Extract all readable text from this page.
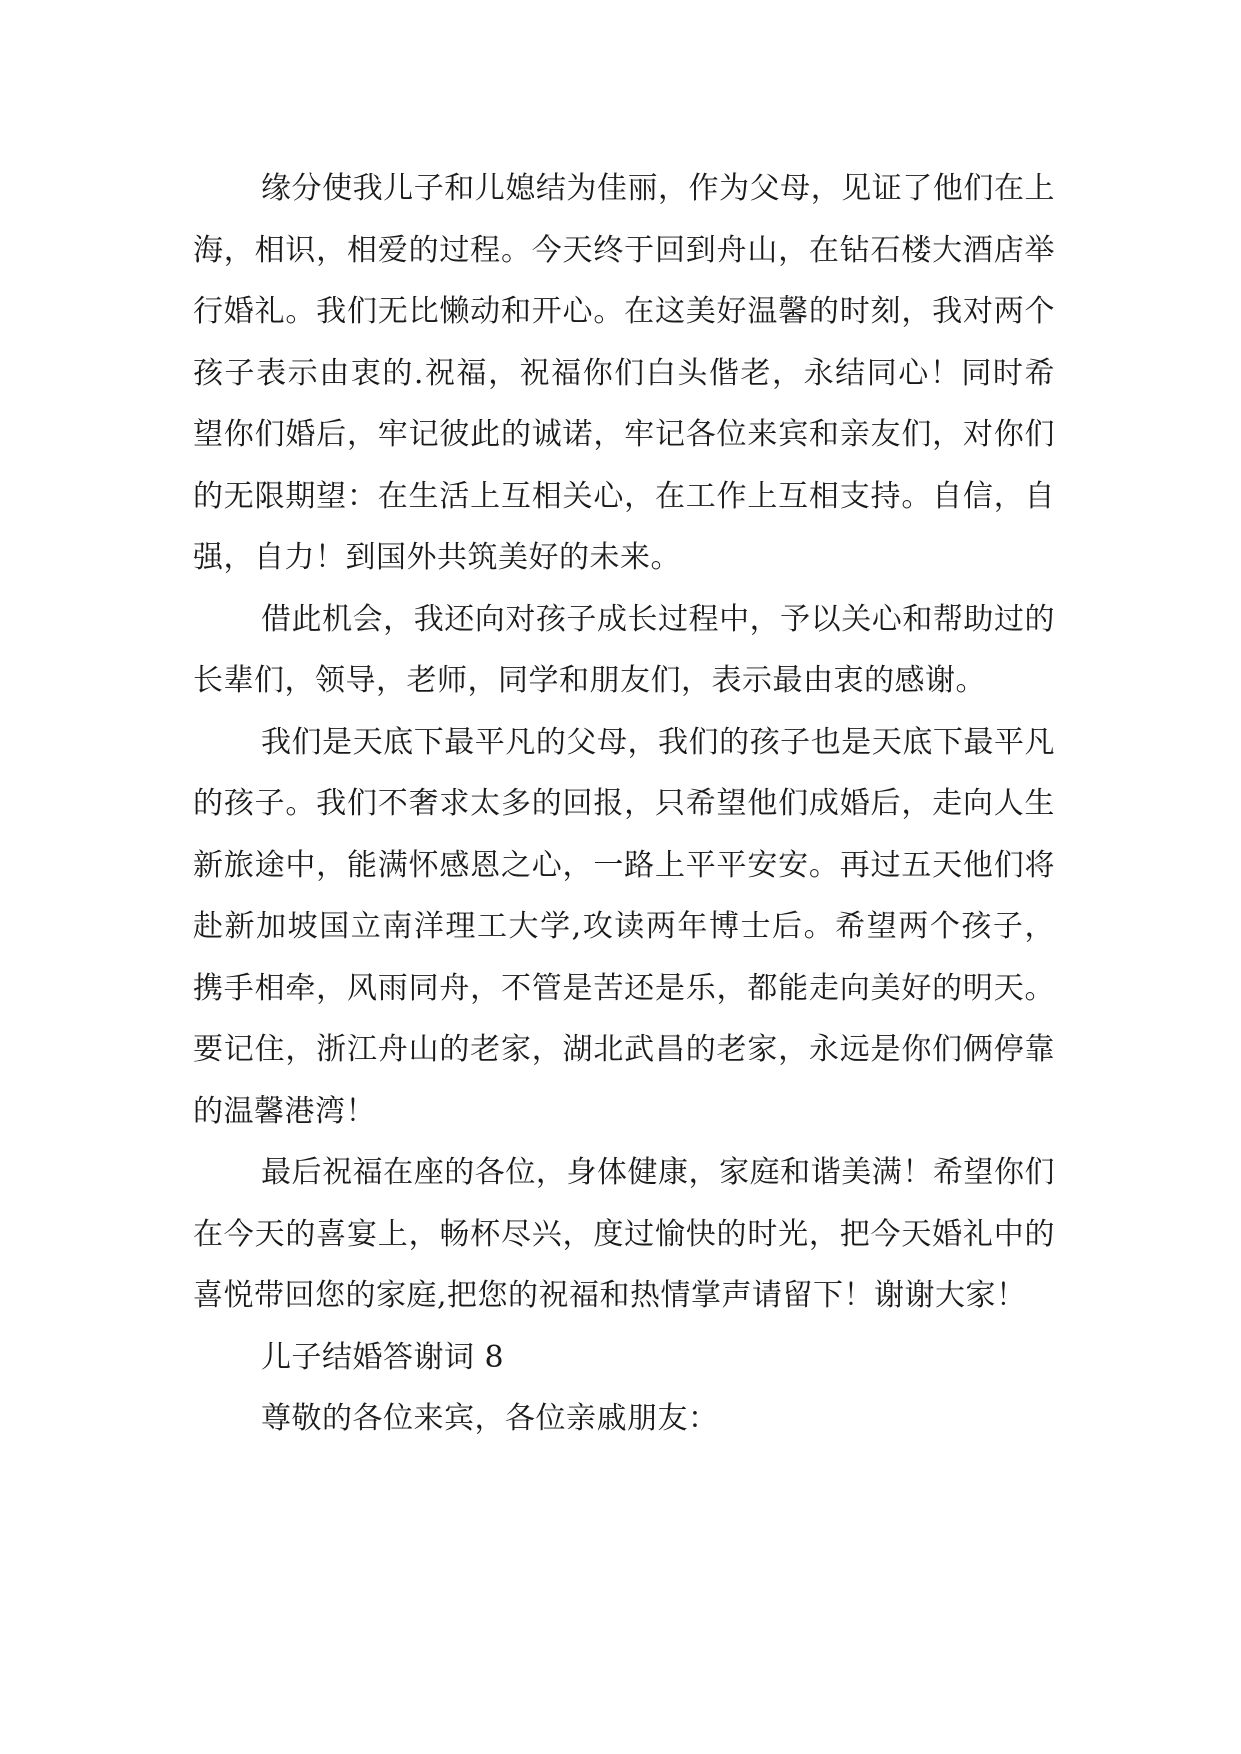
缘分使我儿子和儿媳结为佳丽，作为父母，见证了他们在上海，相识，相爱的过程。今天终于回到舟山，在钻石楼大酒店举行婚礼。我们无比懒动和开心。在这美好温馨的时刻，我对两个孩子表示由衷的.祝福，祝福你们白头偕老，永结同心！同时希望你们婚后，牢记彼此的诚诺，牢记各位来宾和亲友们，对你们的无限期望：在生活上互相关心，在工作上互相支持。自信，自强，自力！到国外共筑美好的未来。

借此机会，我还向对孩子成长过程中，予以关心和帮助过的长辈们，领导，老师，同学和朋友们，表示最由衷的感谢。

我们是天底下最平凡的父母，我们的孩子也是天底下最平凡的孩子。我们不奢求太多的回报，只希望他们成婚后，走向人生新旅途中，能满怀感恩之心，一路上平平安安。再过五天他们将赴新加坡国立南洋理工大学,攻读两年博士后。希望两个孩子，携手相牵，风雨同舟，不管是苦还是乐，都能走向美好的明天。要记住，浙江舟山的老家，湖北武昌的老家，永远是你们俩停靠的温馨港湾！

最后祝福在座的各位，身体健康，家庭和谐美满！希望你们在今天的喜宴上，畅杯尽兴，度过愉快的时光，把今天婚礼中的喜悦带回您的家庭,把您的祝福和热情掌声请留下！谢谢大家！

儿子结婚答谢词 8

尊敬的各位来宾，各位亲戚朋友：
